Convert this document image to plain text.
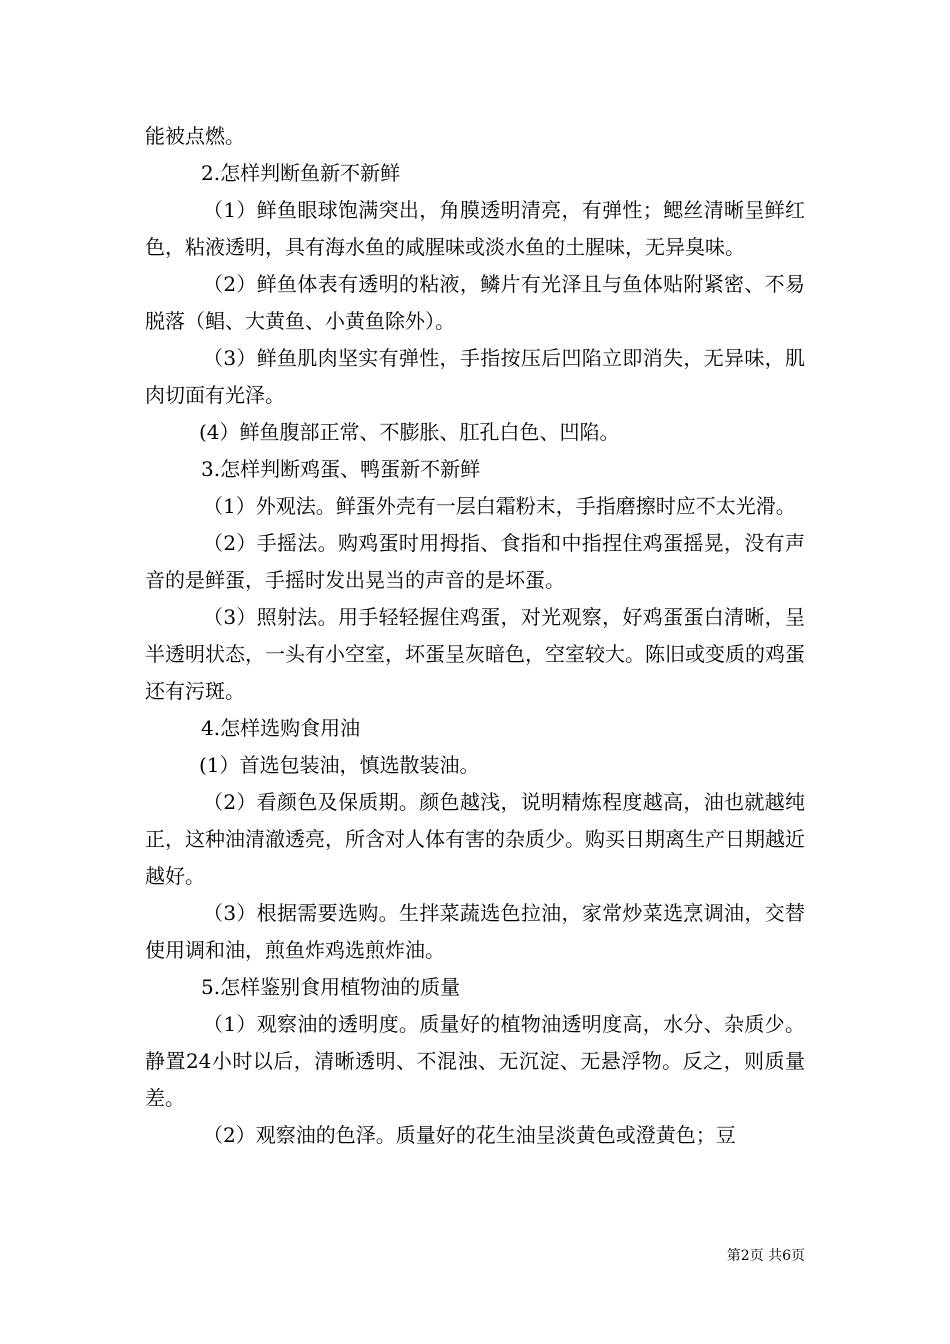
能被点燃。

2.怎样判断鱼新不新鲜

（1）鲜鱼眼球饱满突出，角膜透明清亮，有弹性；鳃丝清晰呈鲜红色，粘液透明，具有海水鱼的咸腥味或淡水鱼的土腥味，无异臭味。

（2）鲜鱼体表有透明的粘液，鳞片有光泽且与鱼体贴附紧密、不易脱落（鲳、大黄鱼、小黄鱼除外）。

（3）鲜鱼肌肉坚实有弹性，手指按压后凹陷立即消失，无异味，肌肉切面有光泽。

(4）鲜鱼腹部正常、不膨胀、肛孔白色、凹陷。

3.怎样判断鸡蛋、鸭蛋新不新鲜

（1）外观法。鲜蛋外壳有一层白霜粉末，手指磨擦时应不太光滑。

（2）手摇法。购鸡蛋时用拇指、食指和中指捏住鸡蛋摇晃，没有声音的是鲜蛋，手摇时发出晃当的声音的是坏蛋。

（3）照射法。用手轻轻握住鸡蛋，对光观察，好鸡蛋蛋白清晰，呈半透明状态，一头有小空室，坏蛋呈灰暗色，空室较大。陈旧或变质的鸡蛋还有污斑。

4.怎样选购食用油

(1）首选包装油，慎选散装油。

（2）看颜色及保质期。颜色越浅，说明精炼程度越高，油也就越纯正，这种油清澈透亮，所含对人体有害的杂质少。购买日期离生产日期越近越好。

（3）根据需要选购。生拌菜蔬选色拉油，家常炒菜选烹调油，交替使用调和油，煎鱼炸鸡选煎炸油。

5.怎样鉴别食用植物油的质量

（1）观察油的透明度。质量好的植物油透明度高，水分、杂质少。静置24小时以后，清晰透明、不混浊、无沉淀、无悬浮物。反之，则质量差。

（2）观察油的色泽。质量好的花生油呈淡黄色或澄黄色；豆

第2页 共6页
